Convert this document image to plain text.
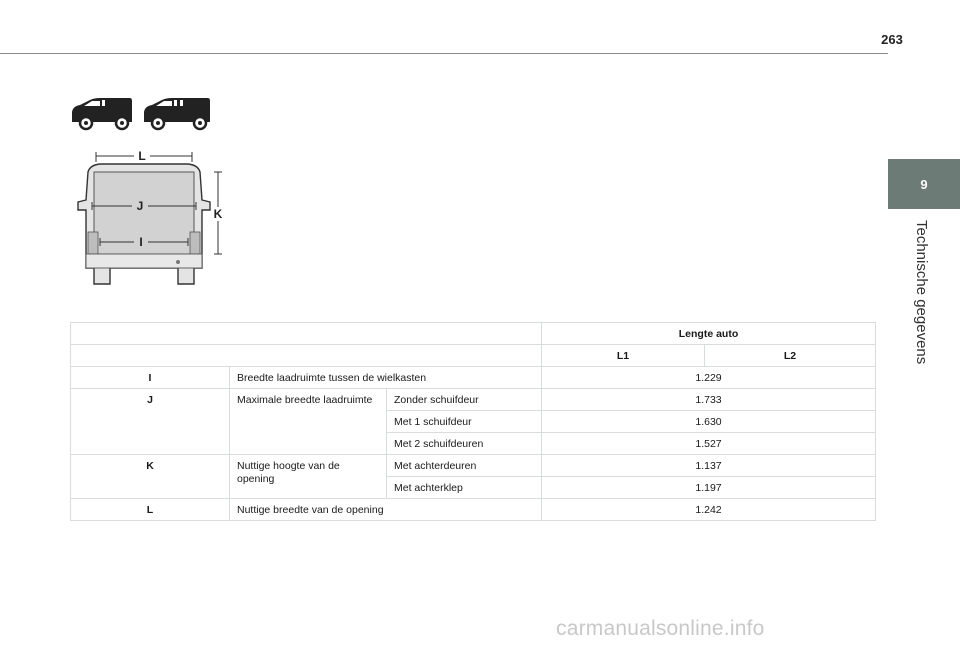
263
9
Technische gegevens
L
J
I
K
			Lengte auto	
			L1	L2
I	Breedte laadruimte tussen de wielkasten		1.229	
J	Maximale breedte laadruimte	Zonder schuifdeur	1.733	
		Met 1 schuifdeur	1.630	
		Met 2 schuifdeuren	1.527	
K	Nuttige hoogte van de opening	Met achterdeuren	1.137	
		Met achterklep	1.197	
L	Nuttige breedte van de opening		1.242	
carmanualsonline.info
